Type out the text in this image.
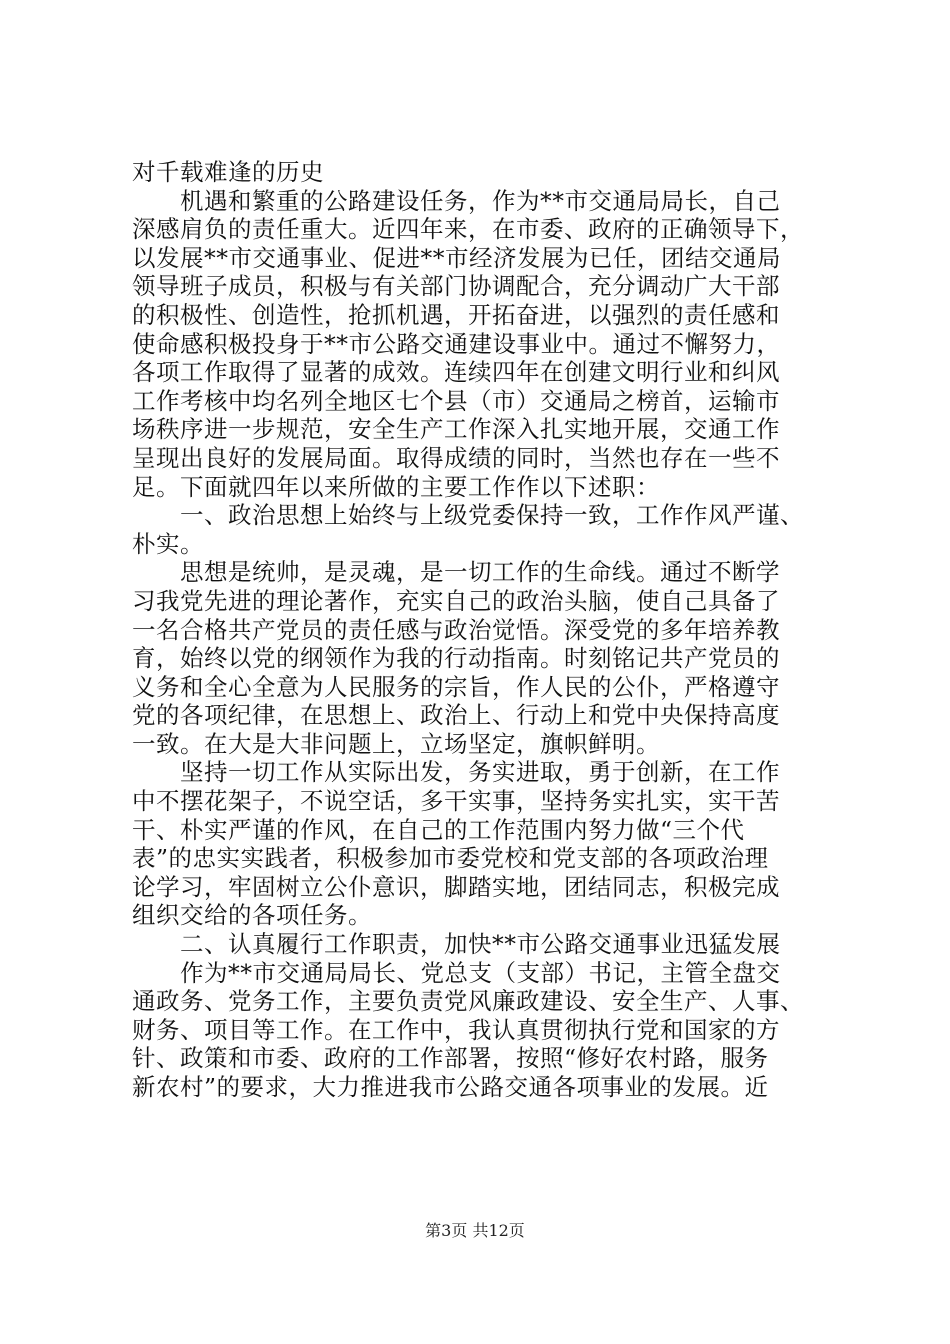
对千载难逢的历史
　　机遇和繁重的公路建设任务，作为**市交通局局长，自己
深感肩负的责任重大。近四年来，在市委、政府的正确领导下，
以发展**市交通事业、促进**市经济发展为已任，团结交通局
领导班子成员，积极与有关部门协调配合，充分调动广大干部
的积极性、创造性，抢抓机遇，开拓奋进，以强烈的责任感和
使命感积极投身于**市公路交通建设事业中。通过不懈努力，
各项工作取得了显著的成效。连续四年在创建文明行业和纠风
工作考核中均名列全地区七个县（市）交通局之榜首，运输市
场秩序进一步规范，安全生产工作深入扎实地开展，交通工作
呈现出良好的发展局面。取得成绩的同时，当然也存在一些不
足。下面就四年以来所做的主要工作作以下述职：
　　一、政治思想上始终与上级党委保持一致，工作作风严谨、
朴实。
　　思想是统帅，是灵魂，是一切工作的生命线。通过不断学
习我党先进的理论著作，充实自己的政治头脑，使自己具备了
一名合格共产党员的责任感与政治觉悟。深受党的多年培养教
育，始终以党的纲领作为我的行动指南。时刻铭记共产党员的
义务和全心全意为人民服务的宗旨，作人民的公仆，严格遵守
党的各项纪律，在思想上、政治上、行动上和党中央保持高度
一致。在大是大非问题上，立场坚定，旗帜鲜明。
　　坚持一切工作从实际出发，务实进取，勇于创新，在工作
中不摆花架子，不说空话，多干实事，坚持务实扎实，实干苦
干、朴实严谨的作风，在自己的工作范围内努力做“三个代
表”的忠实实践者，积极参加市委党校和党支部的各项政治理
论学习，牢固树立公仆意识，脚踏实地，团结同志，积极完成
组织交给的各项任务。
　　二、认真履行工作职责，加快**市公路交通事业迅猛发展
　　作为**市交通局局长、党总支（支部）书记，主管全盘交
通政务、党务工作，主要负责党风廉政建设、安全生产、人事、
财务、项目等工作。在工作中，我认真贯彻执行党和国家的方
针、政策和市委、政府的工作部署，按照“修好农村路，服务
新农村”的要求，大力推进我市公路交通各项事业的发展。近
第3页 共12页
